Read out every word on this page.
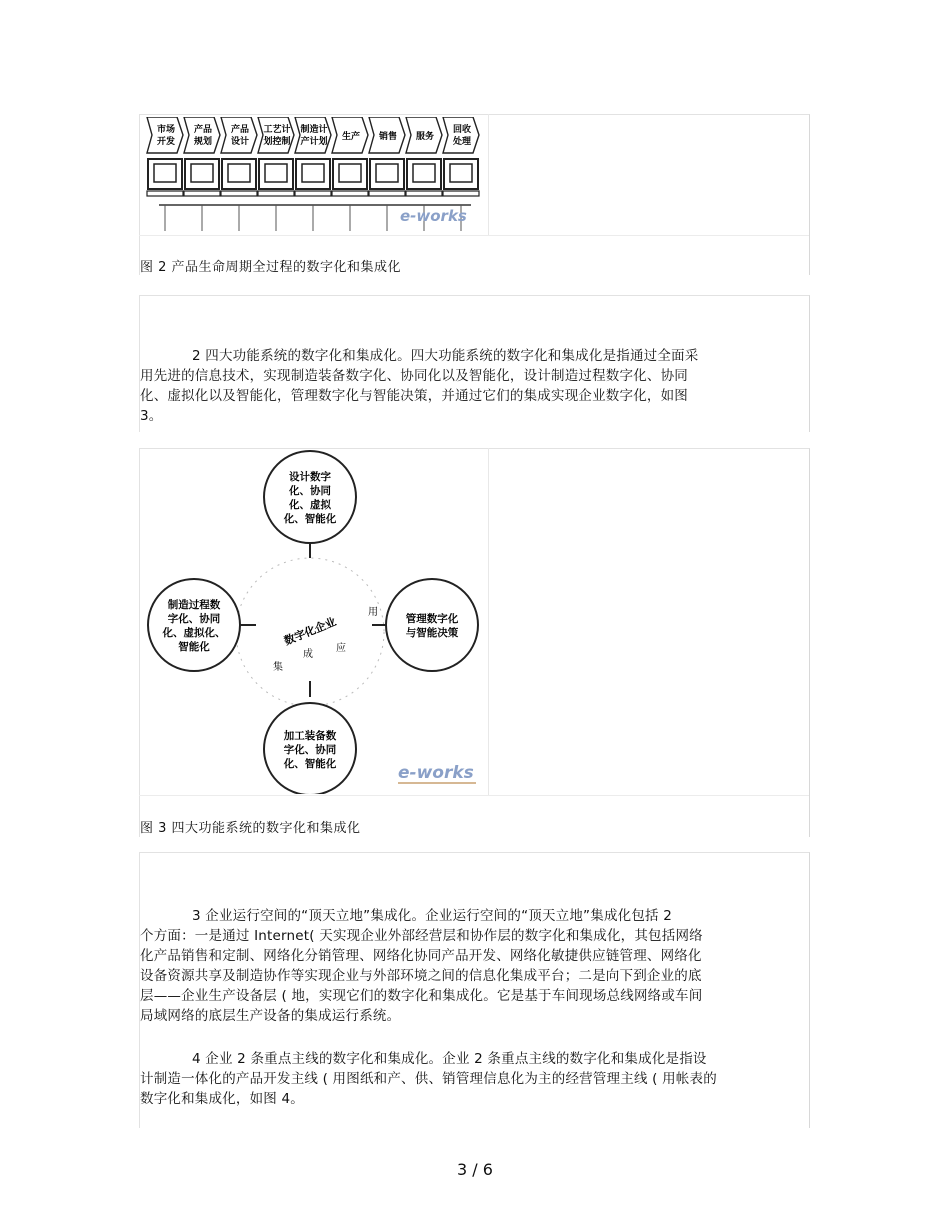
市场
开发
产品
规划
产品
设计
工艺计
划控制
制造计
产计划 生产 销售 服务
回收
处理
e-works
图 2 产品生命周期全过程的数字化和集成化
2 四大功能系统的数字化和集成化。四大功能系统的数字化和集成化是指通过全面采
用先进的信息技术，实现制造装备数字化、协同化以及智能化，设计制造过程数字化、协同
化、虚拟化以及智能化，管理数字化与智能决策，并通过它们的集成实现企业数字化，如图
3。
设计数字化、协同化、虚拟化、智能化
制造过程数字化、协同化、虚拟化、智能化
管理数字化与智能决策
加工装备数字化、协同化、智能化
数字化企业
应
用
集
成
e-works
图 3 四大功能系统的数字化和集成化
3 企业运行空间的“顶天立地”集成化。企业运行空间的“顶天立地”集成化包括 2
个方面：一是通过 Internet( 天实现企业外部经营层和协作层的数字化和集成化，其包括网络
化产品销售和定制、网络化分销管理、网络化协同产品开发、网络化敏捷供应链管理、网络化
设备资源共享及制造协作等实现企业与外部环境之间的信息化集成平台；二是向下到企业的底
层——企业生产设备层 ( 地，实现它们的数字化和集成化。它是基于车间现场总线网络或车间
局域网络的底层生产设备的集成运行系统。
4 企业 2 条重点主线的数字化和集成化。企业 2 条重点主线的数字化和集成化是指设
计制造一体化的产品开发主线 ( 用图纸和产、供、销管理信息化为主的经营管理主线 ( 用帐表的
数字化和集成化，如图 4。
3 / 6
